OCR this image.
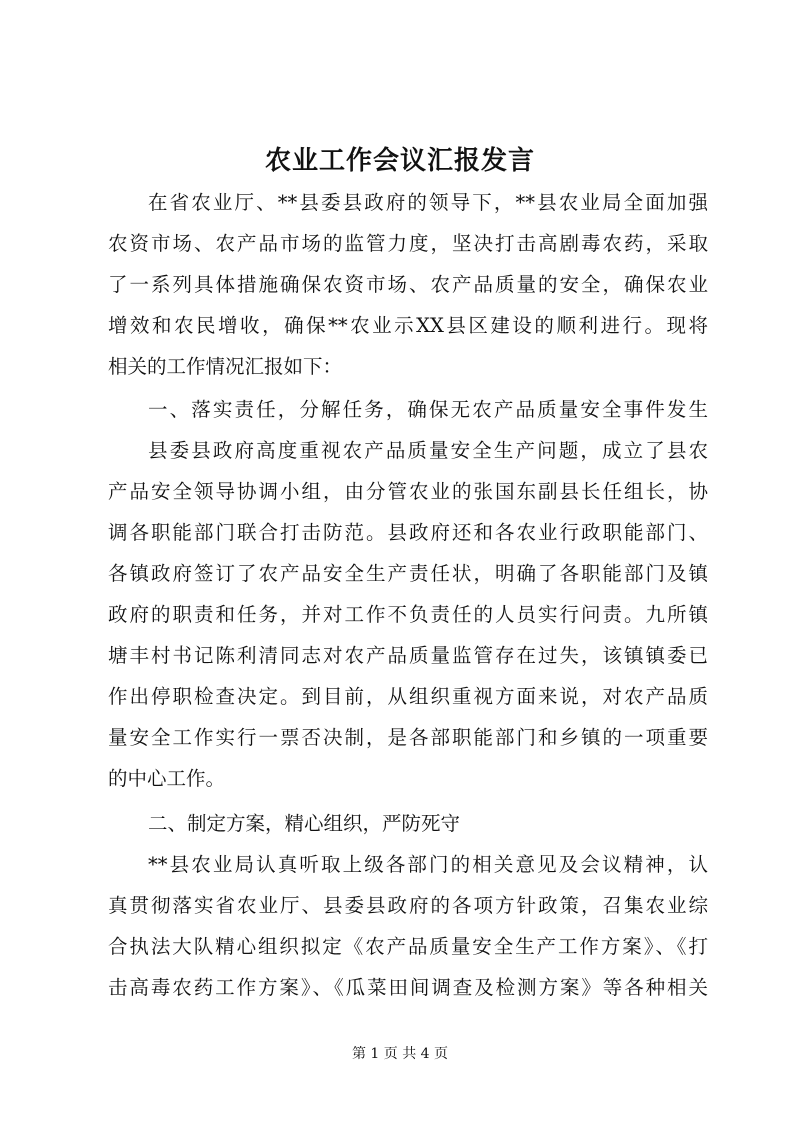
农业工作会议汇报发言
在省农业厅、**县委县政府的领导下，**县农业局全面加强
农资市场、农产品市场的监管力度，坚决打击高剧毒农药，采取
了一系列具体措施确保农资市场、农产品质量的安全，确保农业
增效和农民增收，确保**农业示XX县区建设的顺利进行。现将
相关的工作情况汇报如下：
一、落实责任，分解任务，确保无农产品质量安全事件发生
县委县政府高度重视农产品质量安全生产问题，成立了县农
产品安全领导协调小组，由分管农业的张国东副县长任组长，协
调各职能部门联合打击防范。县政府还和各农业行政职能部门、
各镇政府签订了农产品安全生产责任状，明确了各职能部门及镇
政府的职责和任务，并对工作不负责任的人员实行问责。九所镇
塘丰村书记陈利清同志对农产品质量监管存在过失，该镇镇委已
作出停职检查决定。到目前，从组织重视方面来说，对农产品质
量安全工作实行一票否决制，是各部职能部门和乡镇的一项重要
的中心工作。
二、制定方案，精心组织，严防死守
**县农业局认真听取上级各部门的相关意见及会议精神，认
真贯彻落实省农业厅、县委县政府的各项方针政策，召集农业综
合执法大队精心组织拟定《农产品质量安全生产工作方案》、《打
击高毒农药工作方案》、《瓜菜田间调查及检测方案》等各种相关
第 1 页 共 4 页
